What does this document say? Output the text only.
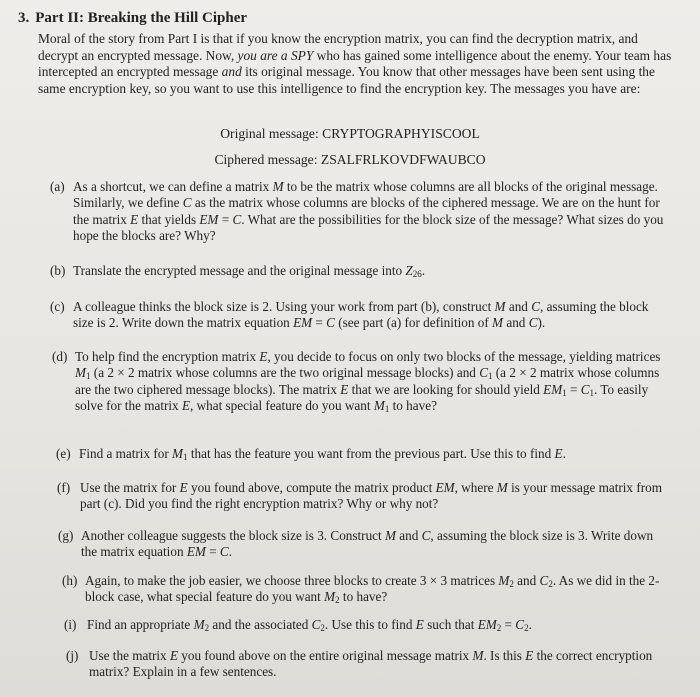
3. Part II: Breaking the Hill Cipher

Moral of the story from Part I is that if you know the encryption matrix, you can find the decryption matrix, and decrypt an encrypted message. Now, you are a SPY who has gained some intelligence about the enemy. Your team has intercepted an encrypted message and its original message. You know that other messages have been sent using the same encryption key, so you want to use this intelligence to find the encryption key. The messages you have are:

Original message: CRYPTOGRAPHYISCOOL

Ciphered message: ZSALFRLKOVDFWAUBCO

(a) As a shortcut, we can define a matrix M to be the matrix whose columns are all blocks of the original message. Similarly, we define C as the matrix whose columns are blocks of the ciphered message. We are on the hunt for the matrix E that yields EM = C. What are the possibilities for the block size of the message? What sizes do you hope the blocks are? Why?
(b) Translate the encrypted message and the original message into $Z_{26}$.
(c) A colleague thinks the block size is 2. Using your work from part (b), construct M and C, assuming the block size is 2. Write down the matrix equation EM = C (see part (a) for definition of M and C).
(d) To help find the encryption matrix E, you decide to focus on only two blocks of the message, yielding matrices $M_1$ (a 2 × 2 matrix whose columns are the two original message blocks) and $C_1$ (a 2 × 2 matrix whose columns are the two ciphered message blocks). The matrix E that we are looking for should yield $EM_1 = C_1$. To easily solve for the matrix E, what special feature do you want $M_1$ to have?
(e) Find a matrix for $M_1$ that has the feature you want from the previous part. Use this to find E.
(f) Use the matrix for E you found above, compute the matrix product EM, where M is your message matrix from part (c). Did you find the right encryption matrix? Why or why not?
(g) Another colleague suggests the block size is 3. Construct M and C, assuming the block size is 3. Write down the matrix equation EM = C.
(h) Again, to make the job easier, we choose three blocks to create 3 × 3 matrices $M_2$ and $C_2$. As we did in the 2-block case, what special feature do you want $M_2$ to have?
(i) Find an appropriate $M_2$ and the associated $C_2$. Use this to find E such that $EM_2 = C_2$.
(j) Use the matrix E you found above on the entire original message matrix M. Is this E the correct encryption matrix? Explain in a few sentences.
